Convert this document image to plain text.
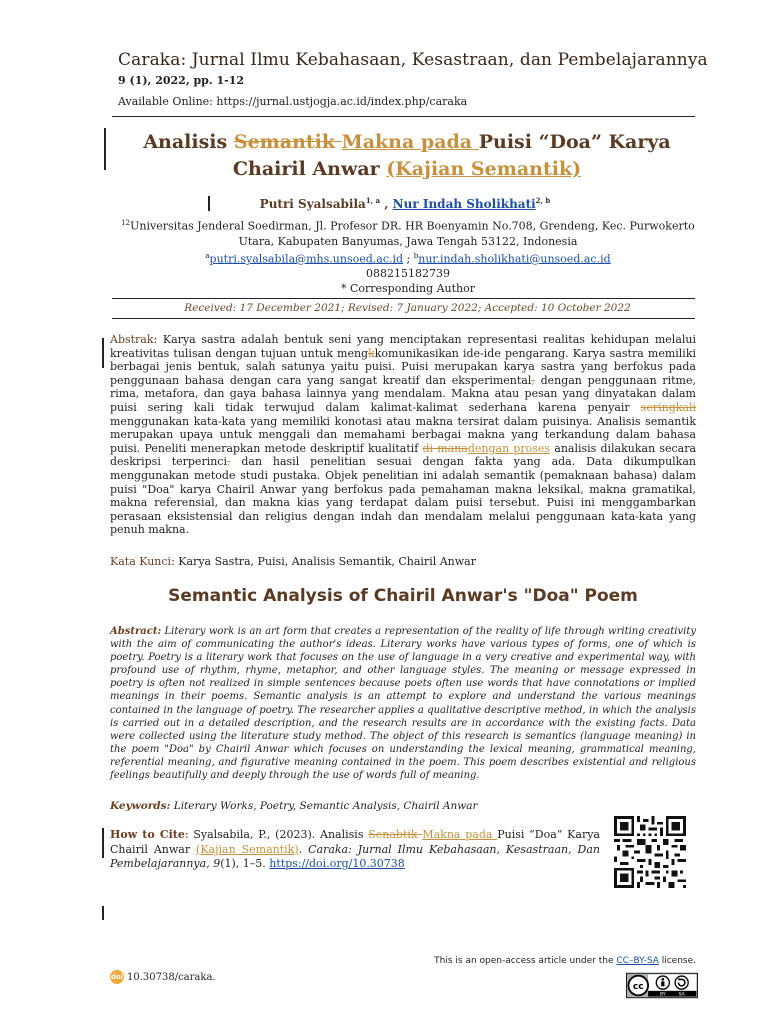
Caraka: Jurnal Ilmu Kebahasaan, Kesastraan, dan Pembelajarannya
9 (1), 2022, pp. 1-12
Available Online: https://jurnal.ustjogja.ac.id/index.php/caraka
Analisis Semantik Makna pada Puisi “Doa” Karya Chairil Anwar (Kajian Semantik)
Putri Syalsabila$^{1, a}$ , Nur Indah Sholikhati$^{2, b}$
$^{12}$Universitas Jenderal Soedirman, Jl. Profesor DR. HR Boenyamin No.708, Grendeng, Kec. Purwokerto
Utara, Kabupaten Banyumas, Jawa Tengah 53122, Indonesia
$^a$putri.syalsabila@mhs.unsoed.ac.id ; $^b$nur.indah.sholikhati@unsoed.ac.id
088215182739
* Corresponding Author
Received: 17 December 2021; Revised: 7 January 2022; Accepted: 10 October 2022
Abstrak: Karya sastra adalah bentuk seni yang menciptakan representasi realitas kehidupan melalui kreativitas tulisan dengan tujuan untuk mengkkomunikasikan ide-ide pengarang. Karya sastra memiliki berbagai jenis bentuk, salah satunya yaitu puisi. Puisi merupakan karya sastra yang berfokus pada penggunaan bahasa dengan cara yang sangat kreatif dan eksperimental, dengan penggunaan ritme, rima, metafora, dan gaya bahasa lainnya yang mendalam. Makna atau pesan yang dinyatakan dalam puisi sering kali tidak terwujud dalam kalimat-kalimat sederhana karena penyair seringkali menggunakan kata-kata yang memiliki konotasi atau makna tersirat dalam puisinya. Analisis semantik merupakan upaya untuk menggali dan memahami berbagai makna yang terkandung dalam bahasa puisi. Peneliti menerapkan metode deskriptif kualitatif di manadengan proses analisis dilakukan secara deskripsi terperinci, dan hasil penelitian sesuai dengan fakta yang ada. Data dikumpulkan menggunakan metode studi pustaka. Objek penelitian ini adalah semantik (pemaknaan bahasa) dalam puisi "Doa" karya Chairil Anwar yang berfokus pada pemahaman makna leksikal, makna gramatikal, makna referensial, dan makna kias yang terdapat dalam puisi tersebut. Puisi ini menggambarkan perasaan eksistensial dan religius dengan indah dan mendalam melalui penggunaan kata-kata yang penuh makna.
Kata Kunci: Karya Sastra, Puisi, Analisis Semantik, Chairil Anwar
Semantic Analysis of Chairil Anwar's "Doa" Poem
Abstract: Literary work is an art form that creates a representation of the reality of life through writing creativity with the aim of communicating the author's ideas. Literary works have various types of forms, one of which is poetry. Poetry is a literary work that focuses on the use of language in a very creative and experimental way, with profound use of rhythm, rhyme, metaphor, and other language styles. The meaning or message expressed in poetry is often not realized in simple sentences because poets often use words that have connotations or implied meanings in their poems. Semantic analysis is an attempt to explore and understand the various meanings contained in the language of poetry. The researcher applies a qualitative descriptive method, in which the analysis is carried out in a detailed description, and the research results are in accordance with the existing facts. Data were collected using the literature study method. The object of this research is semantics (language meaning) in the poem "Doa" by Chairil Anwar which focuses on understanding the lexical meaning, grammatical meaning, referential meaning, and figurative meaning contained in the poem. This poem describes existential and religious feelings beautifully and deeply through the use of words full of meaning.
Keywords: Literary Works, Poetry, Semantic Analysis, Chairil Anwar
How to Cite: Syalsabila, P., (2023). Analisis Senabtik Makna pada Puisi “Doa” Karya Chairil Anwar (Kajian Semantik). Caraka: Jurnal Ilmu Kebahasaan, Kesastraan, Dan Pembelajarannya, 9(1), 1–5. https://doi.org/10.30738
This is an open-access article under the CC–BY-SA license.
cc
BY SA
doi 10.30738/caraka.
